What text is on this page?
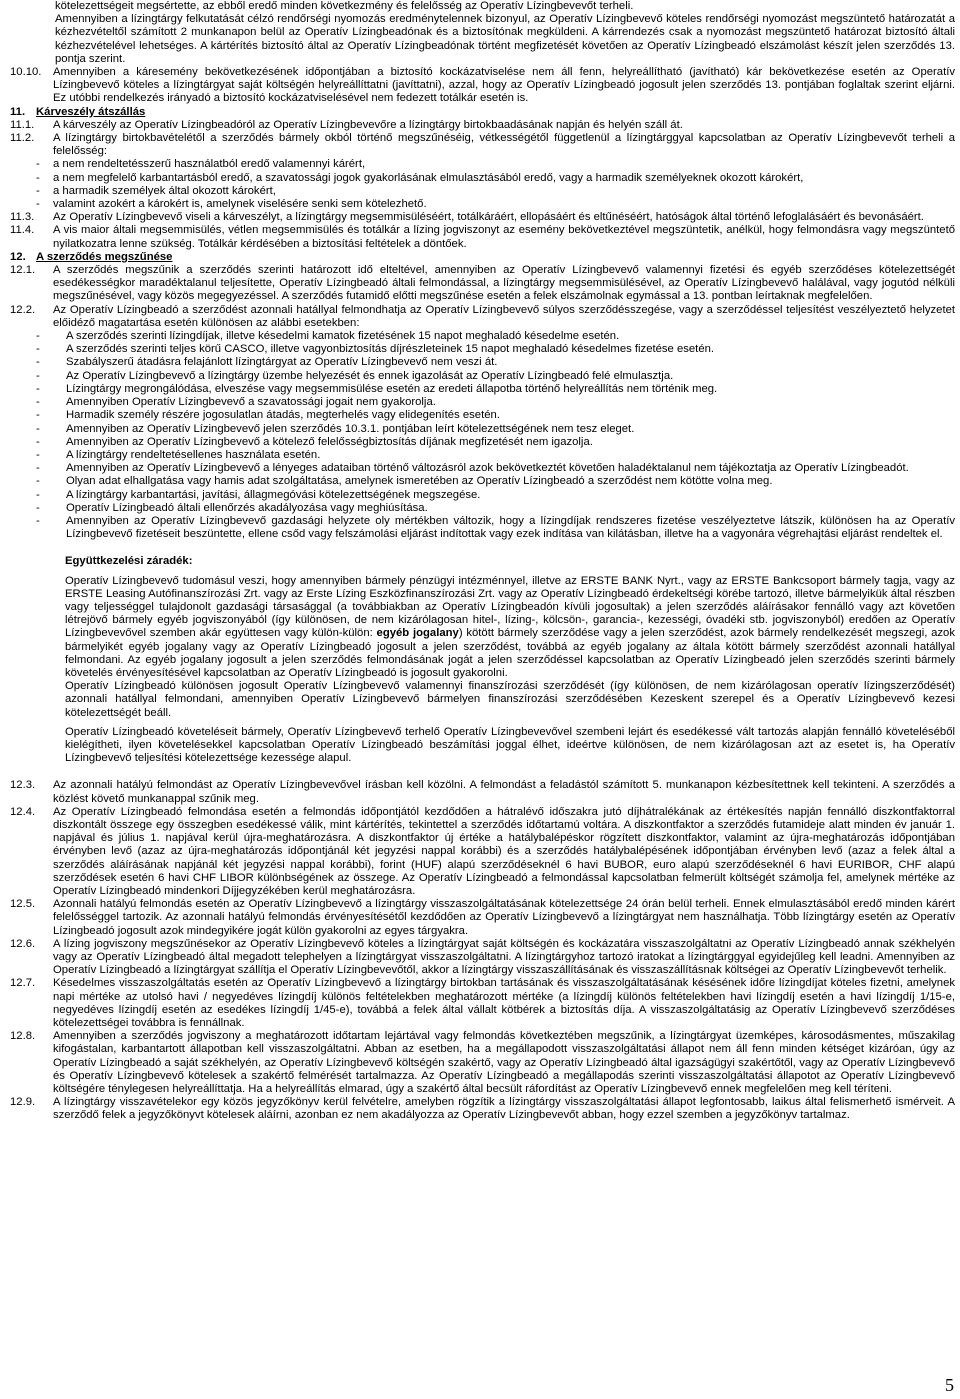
kötelezettségeit megsértette, az ebből eredő minden következmény és felelősség az Operatív Lízingbevevőt terheli.

Amennyiben a lízingtárgy felkutatását célzó rendőrségi nyomozás eredménytelennek bizonyul, az Operatív Lízingbevevő köteles rendőrségi nyomozást megszüntető határozatát a kézhezvételtől számított 2 munkanapon belül az Operatív Lízingbeadónak és a biztosítónak megküldeni. A kárrendezés csak a nyomozást megszüntető határozat biztosító általi kézhezvételével lehetséges. A kártérítés biztosító által az Operatív Lízingbeadónak történt megfizetését követően az Operatív Lízingbeadó elszámolást készít jelen szerződés 13. pontja szerint.

10.10.	Amennyiben a káresemény bekövetkezésének időpontjában a biztosító kockázatviselése nem áll fenn, helyreállítható (javítható) kár bekövetkezése esetén az Operatív Lízingbevevő köteles a lízingtárgyat saját költségén helyreállíttatni (javíttatni), azzal, hogy az Operatív Lízingbeadó jogosult jelen szerződés 13. pontjában foglaltak szerint eljárni. Ez utóbbi rendelkezés irányadó a biztosító kockázatviselésével nem fedezett totálkár esetén is.
11. Kárveszély átszállás
11.1.	A kárveszély az Operatív Lízingbeadóról az Operatív Lízingbevevőre a lízingtárgy birtokbaadásának napján és helyén száll át.
11.2.	A lízingtárgy birtokbavételétől a szerződés bármely okból történő megszűnéséig, vétkességétől függetlenül a lízingtárggyal kapcsolatban az Operatív Lízingbevevőt terheli a felelősség:
-	a nem rendeltetésszerű használatból eredő valamennyi kárért,
-	a nem megfelelő karbantartásból eredő, a szavatossági jogok gyakorlásának elmulasztásából eredő, vagy a harmadik személyeknek okozott károkért,
-	a harmadik személyek által okozott károkért,
-	valamint azokért a károkért is, amelynek viselésére senki sem kötelezhető.
11.3.	Az Operatív Lízingbevevő viseli a kárveszélyt, a lízingtárgy megsemmisüléséért, totálkáráért, ellopásáért és eltűnéséért, hatóságok által történő lefoglalásáért és bevonásáért.
11.4.	A vis maior általi megsemmisülés, vétlen megsemmisülés és totálkár a lízing jogviszonyt az esemény bekövetkeztével megszüntetik, anélkül, hogy felmondásra vagy megszüntető nyilatkozatra lenne szükség. Totálkár kérdésében a biztosítási feltételek a döntőek.
12. A szerződés megszűnése
12.1.	A szerződés megszűnik a szerződés szerinti határozott idő elteltével, amennyiben az Operatív Lízingbevevő valamennyi fizetési és egyéb szerződéses kötelezettségét esedékességkor maradéktalanul teljesítette, Operatív Lízingbeadó általi felmondással, a lízingtárgy megsemmisülésével, az Operatív Lízingbevevő halálával, vagy jogutód nélküli megszűnésével, vagy közös megegyezéssel. A szerződés futamidő előtti megszűnése esetén a felek elszámolnak egymással a 13. pontban leírtaknak megfelelően.
12.2.	Az Operatív Lízingbeadó a szerződést azonnali hatállyal felmondhatja az Operatív Lízingbevevő súlyos szerződésszegése, vagy a szerződéssel teljesítést veszélyeztető helyzetet előidéző magatartása esetén különösen az alábbi esetekben:
-	A szerződés szerinti lízingdíjak, illetve késedelmi kamatok fizetésének 15 napot meghaladó késedelme esetén.
-	A szerződés szerinti teljes körű CASCO, illetve vagyonbiztosítás díjrészleteinek 15 napot meghaladó késedelmes fizetése esetén.
-	Szabályszerű átadásra felajánlott lízingtárgyat az Operatív Lízingbevevő nem veszi át.
-	Az Operatív Lízingbevevő a lízingtárgy üzembe helyezését és ennek igazolását az Operatív Lízingbeadó felé elmulasztja.
-	Lízingtárgy megrongálódása, elveszése vagy megsemmisülése esetén az eredeti állapotba történő helyreállítás nem történik meg.
-	Amennyiben Operatív Lízingbevevő a szavatossági jogait nem gyakorolja.
-	Harmadik személy részére jogosulatlan átadás, megterhelés vagy elidegenítés esetén.
-	Amennyiben az Operatív Lízingbevevő jelen szerződés 10.3.1. pontjában leírt kötelezettségének nem tesz eleget.
-	Amennyiben az Operatív Lízingbevevő a kötelező felelősségbiztosítás díjának megfizetését nem igazolja.
-	A lízingtárgy rendeltetésellenes használata esetén.
-	Amennyiben az Operatív Lízingbevevő a lényeges adataiban történő változásról azok bekövetkeztét követően haladéktalanul nem tájékoztatja az Operatív Lízingbeadót.
-	Olyan adat elhallgatása vagy hamis adat szolgáltatása, amelynek ismeretében az Operatív Lízingbeadó a szerződést nem kötötte volna meg.
-	A lízingtárgy karbantartási, javítási, állagmegóvási kötelezettségének megszegése.
-	Operatív Lízingbeadó általi ellenőrzés akadályozása vagy meghiúsítása.
-	Amennyiben az Operatív Lízingbevevő gazdasági helyzete oly mértékben változik, hogy a lízingdíjak rendszeres fizetése veszélyeztetve látszik, különösen ha az Operatív Lízingbevevő fizetéseit beszüntette, ellene csőd vagy felszámolási eljárást indítottak vagy ezek indítása van kilátásban, illetve ha a vagyonára végrehajtási eljárást rendeltek el.
Együttkezelési záradék:

Operatív Lízingbevevő tudomásul veszi, hogy amennyiben bármely pénzügyi intézménnyel, illetve az ERSTE BANK Nyrt., vagy az ERSTE Bankcsoport bármely tagja, vagy az ERSTE Leasing Autófinanszírozási Zrt. vagy az Erste Lízing Eszközfinanszírozási Zrt. vagy az Operatív Lízingbeadó érdekeltségi körébe tartozó, illetve bármelyikük által részben vagy teljességgel tulajdonolt gazdasági társasággal (a továbbiakban az Operatív Lízingbeadón kívüli jogosultak) a jelen szerződés aláírásakor fennálló vagy azt követően létrejövő bármely egyéb jogviszonyából (így különösen, de nem kizárólagosan hitel-, lízing-, kölcsön-, garancia-, kezességi, óvadéki stb. jogviszonyból) eredően az Operatív Lízingbevevővel szemben akár együttesen vagy külön-külön: egyéb jogalany) kötött bármely szerződése vagy a jelen szerződést, azok bármely rendelkezését megszegi, azok bármelyikét egyéb jogalany vagy az Operatív Lízingbeadó jogosult a jelen szerződést, továbbá az egyéb jogalany az általa kötött bármely szerződést azonnali hatállyal felmondani. Az egyéb jogalany jogosult a jelen szerződés felmondásának jogát a jelen szerződéssel kapcsolatban az Operatív Lízingbeadó jelen szerződés szerinti bármely követelés érvényesítésével kapcsolatban az Operatív Lízingbeadó is jogosult gyakorolni.

Operatív Lízingbeadó különösen jogosult Operatív Lízingbevevő valamennyi finanszírozási szerződését (így különösen, de nem kizárólagosan operatív lízingszerződését) azonnali hatállyal felmondani, amennyiben Operatív Lízingbevevő bármelyen finanszírozási szerződésében Kezeskent szerepel és a Operatív Lízingbevevő kezesi kötelezettségét beáll.

Operatív Lízingbeadó követeléseit bármely, Operatív Lízingbevevő terhelő Operatív Lízingbevevővel szembeni lejárt és esedékessé vált tartozás alapján fennálló követeléséből kielégítheti, ilyen követelésekkel kapcsolatban Operatív Lízingbeadó beszámítási joggal élhet, ideértve különösen, de nem kizárólagosan azt az esetet is, ha Operatív Lízingbevevő teljesítési kötelezettsége kezessége alapul.

12.3.	Az azonnali hatályú felmondást az Operatív Lízingbevevővel írásban kell közölni. A felmondást a feladástól számított 5. munkanapon kézbesítettnek kell tekinteni. A szerződés a közlést követő munkanappal szűnik meg.
12.4.	Az Operatív Lízingbeadó felmondása esetén a felmondás időpontjától kezdődően a hátralévő időszakra jutó díjhátralékának az értékesítés napján fennálló diszkontfaktorral diszkontált összege egy összegben esedékessé válik, mint kártérítés, tekintettel a szerződés időtartamú voltára. A diszkontfaktor a szerződés futamideje alatt minden év január 1. napjával és július 1. napjával kerül újra-meghatározásra. A diszkontfaktor új értéke a hatálybalépéskor rögzített diszkontfaktor, valamint az újra-meghatározás időpontjában érvényben levő (azaz az újra-meghatározás időpontjánál két jegyzési nappal korábbi) és a szerződés hatálybalépésének időpontjában érvényben levő (azaz a felek által a szerződés aláírásának napjánál két jegyzési nappal korábbi), forint (HUF) alapú szerződéseknél 6 havi BUBOR, euro alapú szerződéseknél 6 havi EURIBOR, CHF alapú szerződések esetén 6 havi CHF LIBOR különbségének az összege. Az Operatív Lízingbeadó a felmondással kapcsolatban felmerült költségét számolja fel, amelynek mértéke az Operatív Lízingbeadó mindenkori Díjjegyzékében kerül meghatározásra.
12.5.	Azonnali hatályú felmondás esetén az Operatív Lízingbevevő a lízingtárgy visszaszolgáltatásának kötelezettsége 24 órán belül terheli. Ennek elmulasztásából eredő minden kárért felelősséggel tartozik. Az azonnali hatályú felmondás érvényesítésétől kezdődően az Operatív Lízingbevevő a lízingtárgyat nem használhatja. Több lízingtárgy esetén az Operatív Lízingbeadó jogosult azok mindegyikére jogát külön gyakorolni az egyes tárgyakra.
12.6.	A lízing jogviszony megszűnésekor az Operatív Lízingbevevő köteles a lízingtárgyat saját költségén és kockázatára visszaszolgáltatni az Operatív Lízingbeadó annak székhelyén vagy az Operatív Lízingbeadó által megadott telephelyen a lízingtárgyat visszaszolgáltatni. A lízingtárgyhoz tartozó iratokat a lízingtárggyal egyidejűleg kell leadni. Amennyiben az Operatív Lízingbeadó a lízingtárgyat szállítja el Operatív Lízingbevevőtől, akkor a lízingtárgy visszaszállításának és visszaszállításnak költségei az Operatív Lízingbevevőt terhelik.
12.7.	Késedelmes visszaszolgáltatás esetén az Operatív Lízingbevevő a lízingtárgy birtokban tartásának és visszaszolgáltatásának késésének időre lízingdíjat köteles fizetni, amelynek napi mértéke az utolsó havi / negyedéves lízingdíj különös feltételekben meghatározott mértéke (a lízingdíj különös feltételekben havi lízingdíj esetén a havi lízingdíj 1/15-e, negyedéves lízingdíj esetén az esedékes lízingdíj 1/45-e), továbbá a felek által vállalt kötbérek a biztosítás díja. A visszaszolgáltatásig az Operatív Lízingbevevő szerződéses kötelezettségei továbbra is fennállnak.
12.8.	Amennyiben a szerződés jogviszony a meghatározott időtartam lejártával vagy felmondás következtében megszűnik, a lízingtárgyat üzemképes, károsodásmentes, műszakilag kifogástalan, karbantartott állapotban kell visszaszolgáltatni. Abban az esetben, ha a megállapodott visszaszolgáltatási állapot nem áll fenn minden kétséget kizáróan, úgy az Operatív Lízingbeadó a saját székhelyén, az Operatív Lízingbevevő költségén szakértő, vagy az Operatív Lízingbeadó által igazságügyi szakértőtől, vagy az Operatív Lízingbevevő és Operatív Lízingbevevő kötelesek a szakértő felmérését tartalmazza. Az Operatív Lízingbeadó a megállapodás szerinti visszaszolgáltatási állapotot az Operatív Lízingbevevő költségére ténylegesen helyreállíttatja. Ha a helyreállítás elmarad, úgy a szakértő által becsült ráfordítást az Operatív Lízingbevevő ennek megfelelően meg kell téríteni.
12.9.	A lízingtárgy visszavételekor egy közös jegyzőkönyv kerül felvételre, amelyben rögzítik a lízingtárgy visszaszolgáltatási állapot legfontosabb, laikus által felismerhető ismérveit. A szerződő felek a jegyzőkönyvt kötelesek aláírni, azonban ez nem akadályozza az Operatív Lízingbevevőt abban, hogy ezzel szemben a jegyzőkönyv tartalmaz.
5
